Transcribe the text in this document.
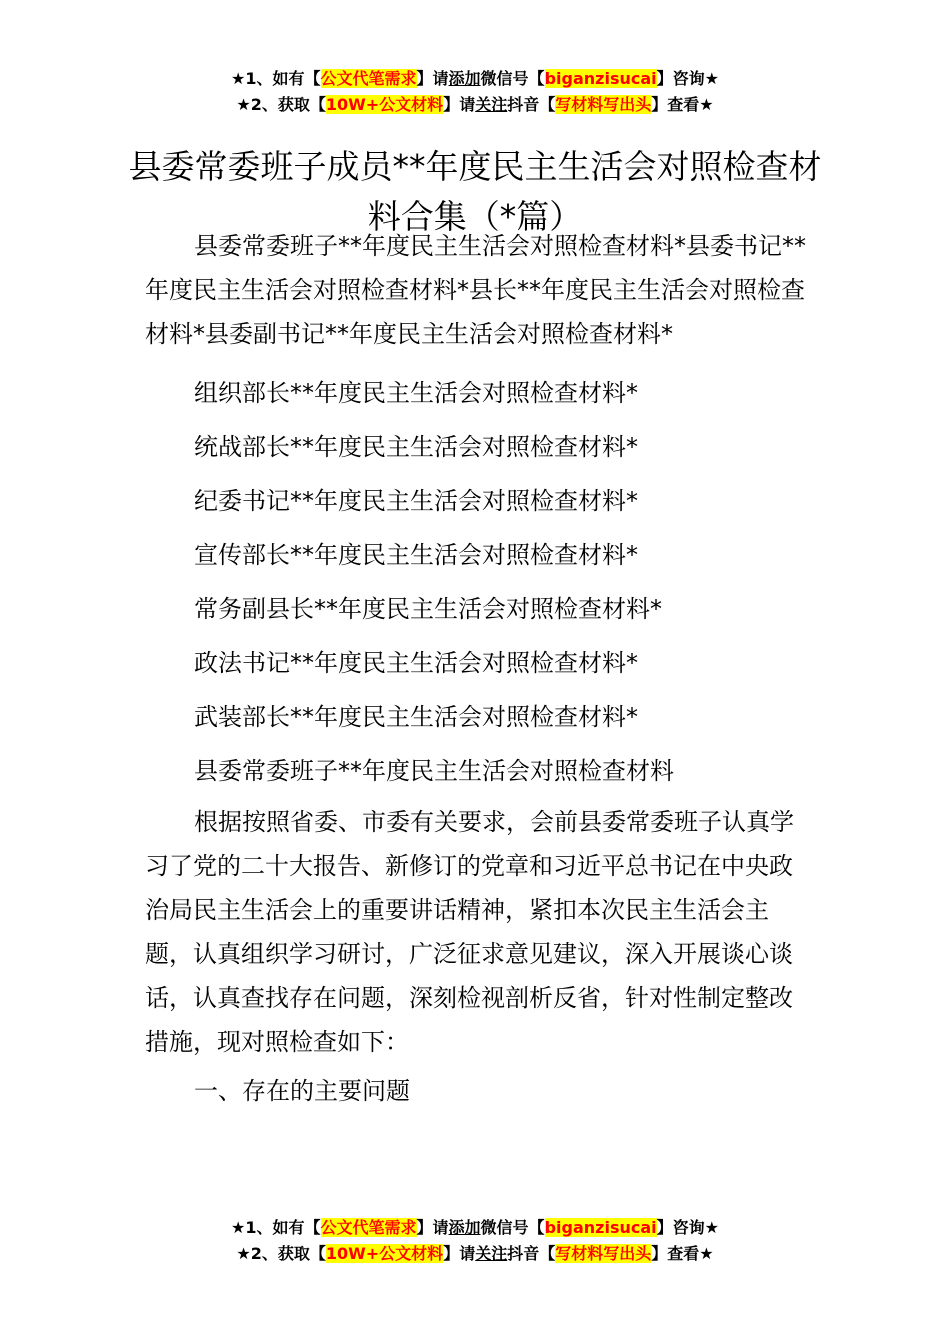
★1、如有【公文代笔需求】请添加微信号【biganzisucai】咨询★
★2、获取【10W+公文材料】请关注抖音【写材料写出头】查看★
县委常委班子成员**年度民主生活会对照检查材料合集（*篇）

县委常委班子**年度民主生活会对照检查材料*县委书记**年度民主生活会对照检查材料*县长**年度民主生活会对照检查材料*县委副书记**年度民主生活会对照检查材料*

组织部长**年度民主生活会对照检查材料*

统战部长**年度民主生活会对照检查材料*

纪委书记**年度民主生活会对照检查材料*

宣传部长**年度民主生活会对照检查材料*

常务副县长**年度民主生活会对照检查材料*

政法书记**年度民主生活会对照检查材料*

武装部长**年度民主生活会对照检查材料*

县委常委班子**年度民主生活会对照检查材料

根据按照省委、市委有关要求，会前县委常委班子认真学习了党的二十大报告、新修订的党章和习近平总书记在中央政治局民主生活会上的重要讲话精神，紧扣本次民主生活会主题，认真组织学习研讨，广泛征求意见建议，深入开展谈心谈话，认真查找存在问题，深刻检视剖析反省，针对性制定整改措施，现对照检查如下：

一、存在的主要问题

★1、如有【公文代笔需求】请添加微信号【biganzisucai】咨询★
★2、获取【10W+公文材料】请关注抖音【写材料写出头】查看★
